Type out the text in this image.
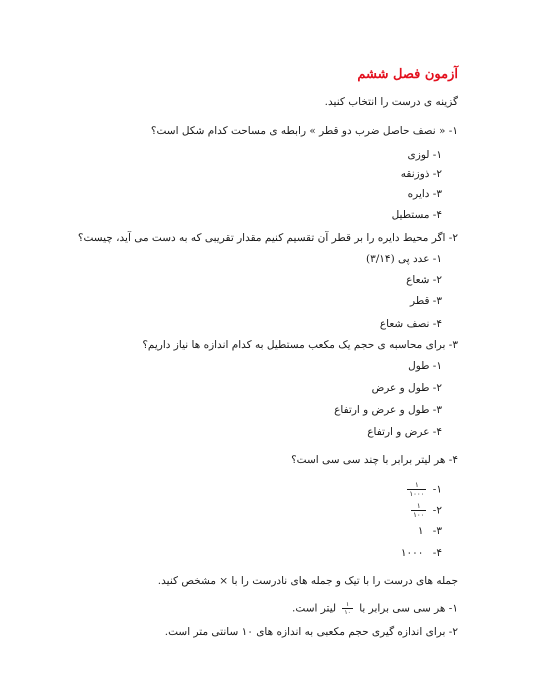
آزمون فصل ششم
گزینه ی درست را انتخاب کنید.
۱- « نصف حاصل ضرب دو قطر » رابطه ی مساحت کدام شکل است؟
۱- لوزی
۲- ذوزنقه
۳- دایره
۴- مستطیل
۲- اگر محیط دایره را بر قطر آن تقسیم کنیم مقدار تقریبی که به دست می آید، چیست؟
۱- عدد پی (۳/۱۴)
۲- شعاع
۳- قطر
۴- نصف شعاع
۳- برای محاسبه ی حجم یک مکعب مستطیل به کدام اندازه ها نیاز داریم؟
۱- طول
۲- طول و عرض
۳- طول و عرض و ارتفاع
۴- عرض و ارتفاع
۴- هر لیتر برابر با چند سی سی است؟
۱-
$\frac{۱}{۱۰۰۰}$
۲-
$\frac{۱}{۱۰۰}$
۳- ۱
۴- ۱۰۰۰
جمله های درست را با تیک و جمله های نادرست را با × مشخص کنید.
۱- هر سی سی برابر با
$\frac{۱}{۱۰}$
لیتر است.
۲- برای اندازه گیری حجم مکعبی به اندازه های ۱۰ سانتی متر است.
